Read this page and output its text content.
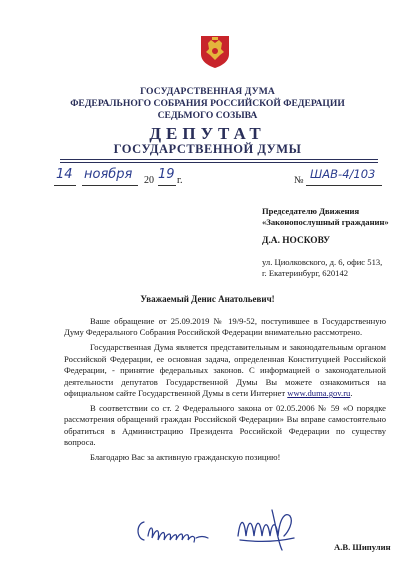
ГОСУДАРСТВЕННАЯ ДУМА
ФЕДЕРАЛЬНОГО СОБРАНИЯ РОССИЙСКОЙ ФЕДЕРАЦИИ
СЕДЬМОГО СОЗЫВА
ДЕПУТАТ
ГОСУДАРСТВЕННОЙ ДУМЫ
14 ноября 20 19 г.	№ ШАВ-4/103
Председателю Движения
«Законопослушный гражданин»
Д.А. НОСКОВУ
ул. Циолковского, д. 6, офис 513,
г. Екатеринбург, 620142
Уважаемый Денис Анатольевич!

Ваше обращение от 25.09.2019 № 19/9-52, поступившее в Государственную Думу Федерального Собрания Российской Федерации внимательно рассмотрено.

Государственная Дума является представительным и законодательным органом Российской Федерации, ее основная задача, определенная Конституцией Российской Федерации, - принятие федеральных законов. С информацией о законодательной деятельности депутатов Государственной Думы Вы можете ознакомиться на официальном сайте Государственной Думы в сети Интернет www.duma.gov.ru.

В соответствии со ст. 2 Федерального закона от 02.05.2006 № 59 «О порядке рассмотрения обращений граждан Российской Федерации» Вы вправе самостоятельно обратиться в Администрацию Президента Российской Федерации по существу вопроса.

Благодарю Вас за активную гражданскую позицию!

А.В. Шипулин
